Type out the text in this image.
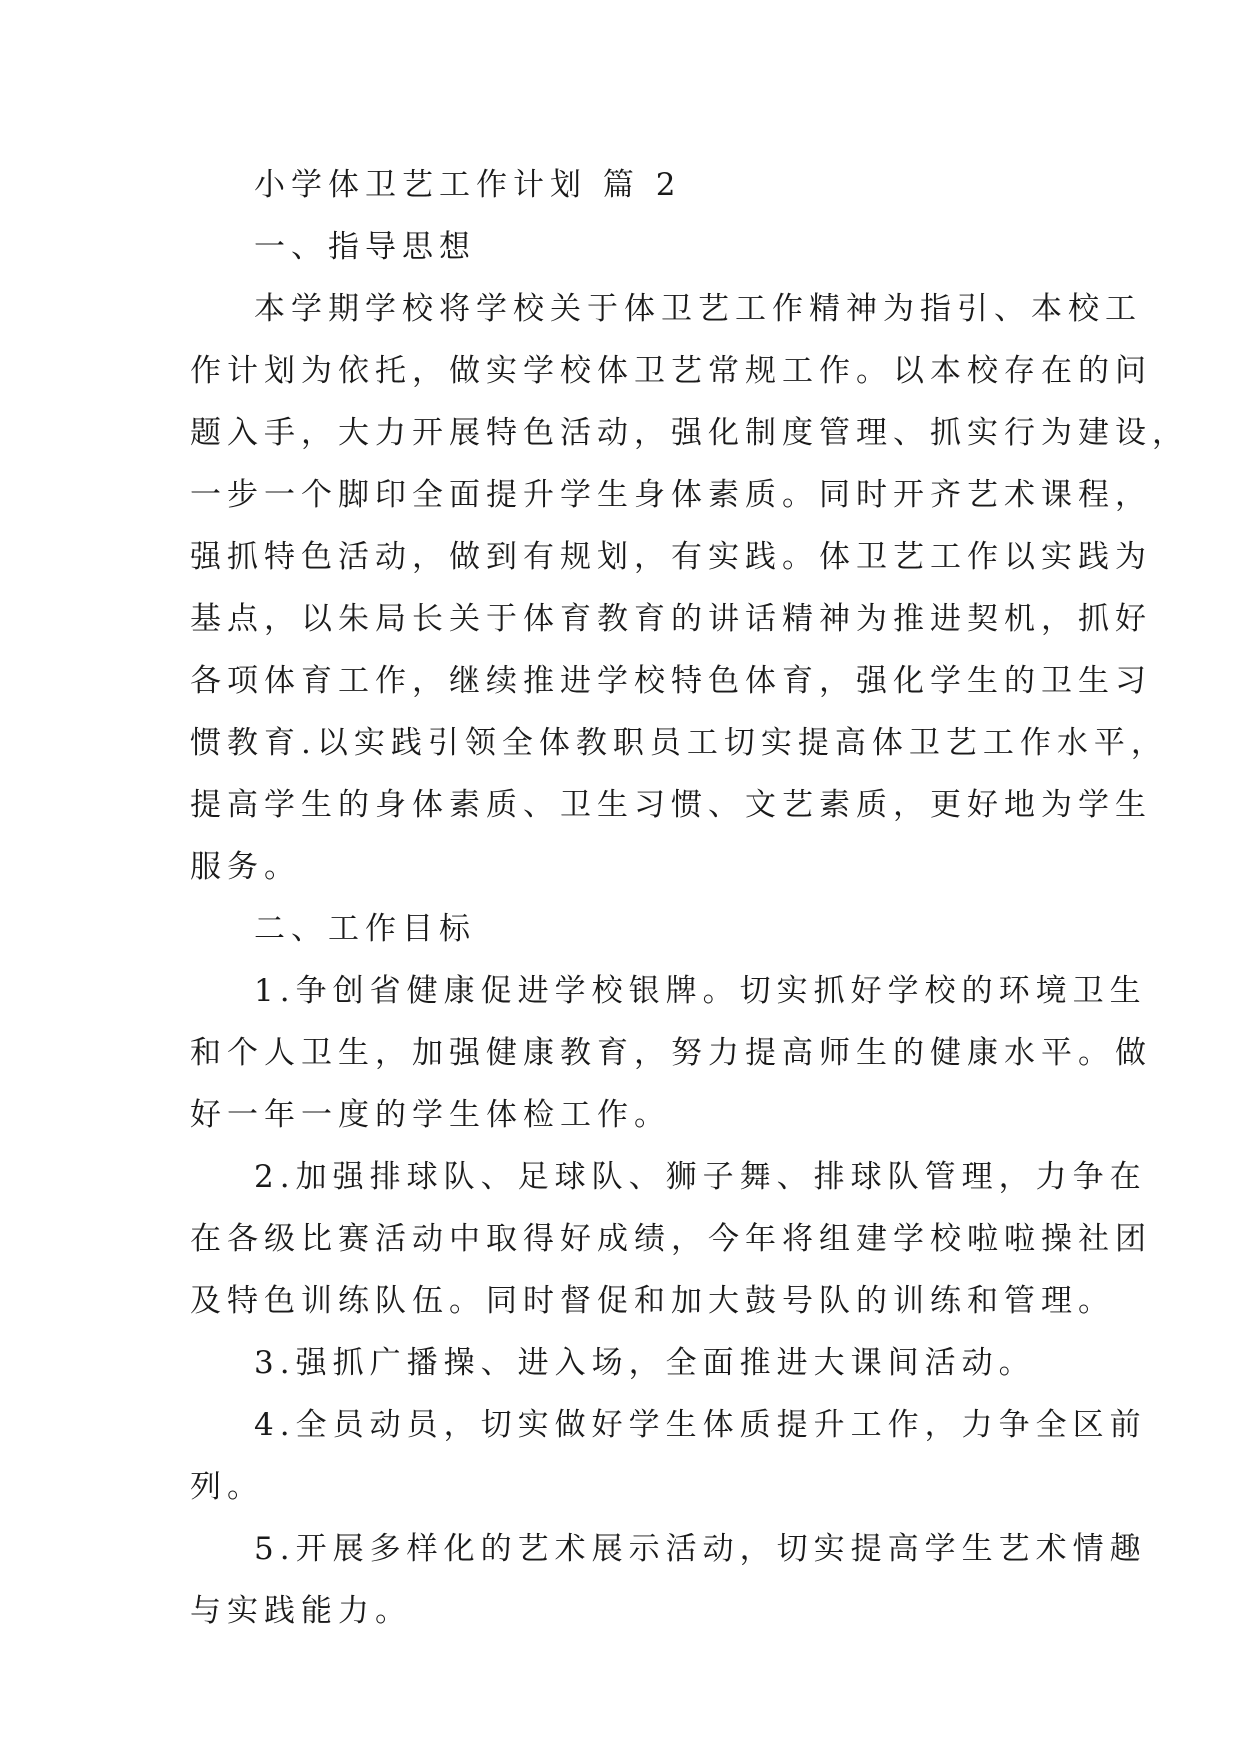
小学体卫艺工作计划 篇 2

一、指导思想

本学期学校将学校关于体卫艺工作精神为指引、本校工
作计划为依托，做实学校体卫艺常规工作。以本校存在的问
题入手，大力开展特色活动，强化制度管理、抓实行为建设，
一步一个脚印全面提升学生身体素质。同时开齐艺术课程，
强抓特色活动，做到有规划，有实践。体卫艺工作以实践为
基点，以朱局长关于体育教育的讲话精神为推进契机，抓好
各项体育工作，继续推进学校特色体育，强化学生的卫生习
惯教育.以实践引领全体教职员工切实提高体卫艺工作水平，
提高学生的身体素质、卫生习惯、文艺素质，更好地为学生
服务。

二、工作目标

1.争创省健康促进学校银牌。切实抓好学校的环境卫生
和个人卫生，加强健康教育，努力提高师生的健康水平。做
好一年一度的学生体检工作。
2.加强排球队、足球队、狮子舞、排球队管理，力争在
在各级比赛活动中取得好成绩，今年将组建学校啦啦操社团
及特色训练队伍。同时督促和加大鼓号队的训练和管理。
3.强抓广播操、进入场，全面推进大课间活动。
4.全员动员，切实做好学生体质提升工作，力争全区前
列。
5.开展多样化的艺术展示活动，切实提高学生艺术情趣
与实践能力。
